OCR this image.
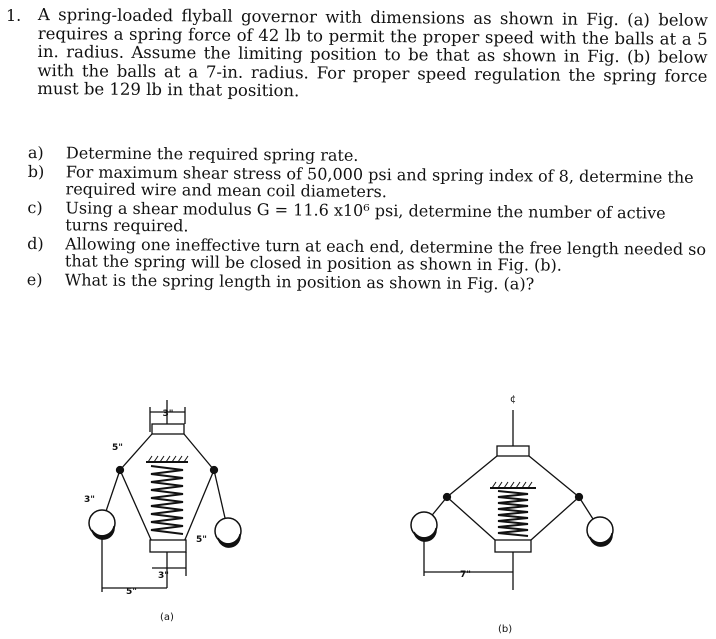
1. A spring-loaded flyball governor with dimensions as shown in Fig. (a) below requires a spring force of 42 lb to permit the proper speed with the balls at a 5 in. radius. Assume the limiting position to be that as shown in Fig. (b) below with the balls at a 7-in. radius. For proper speed regulation the spring force must be 129 lb in that position.
a) Determine the required spring rate.
b) For maximum shear stress of 50,000 psi and spring index of 8, determine the required wire and mean coil diameters.
c) Using a shear modulus G = 11.6 x10⁶ psi, determine the number of active turns required.
d) Allowing one ineffective turn at each end, determine the free length needed so that the spring will be closed in position as shown in Fig. (b).
e) What is the spring length in position as shown in Fig. (a)?
3"
5"
3"
5"
3"
5"
(a)
¢
7"
(b)
